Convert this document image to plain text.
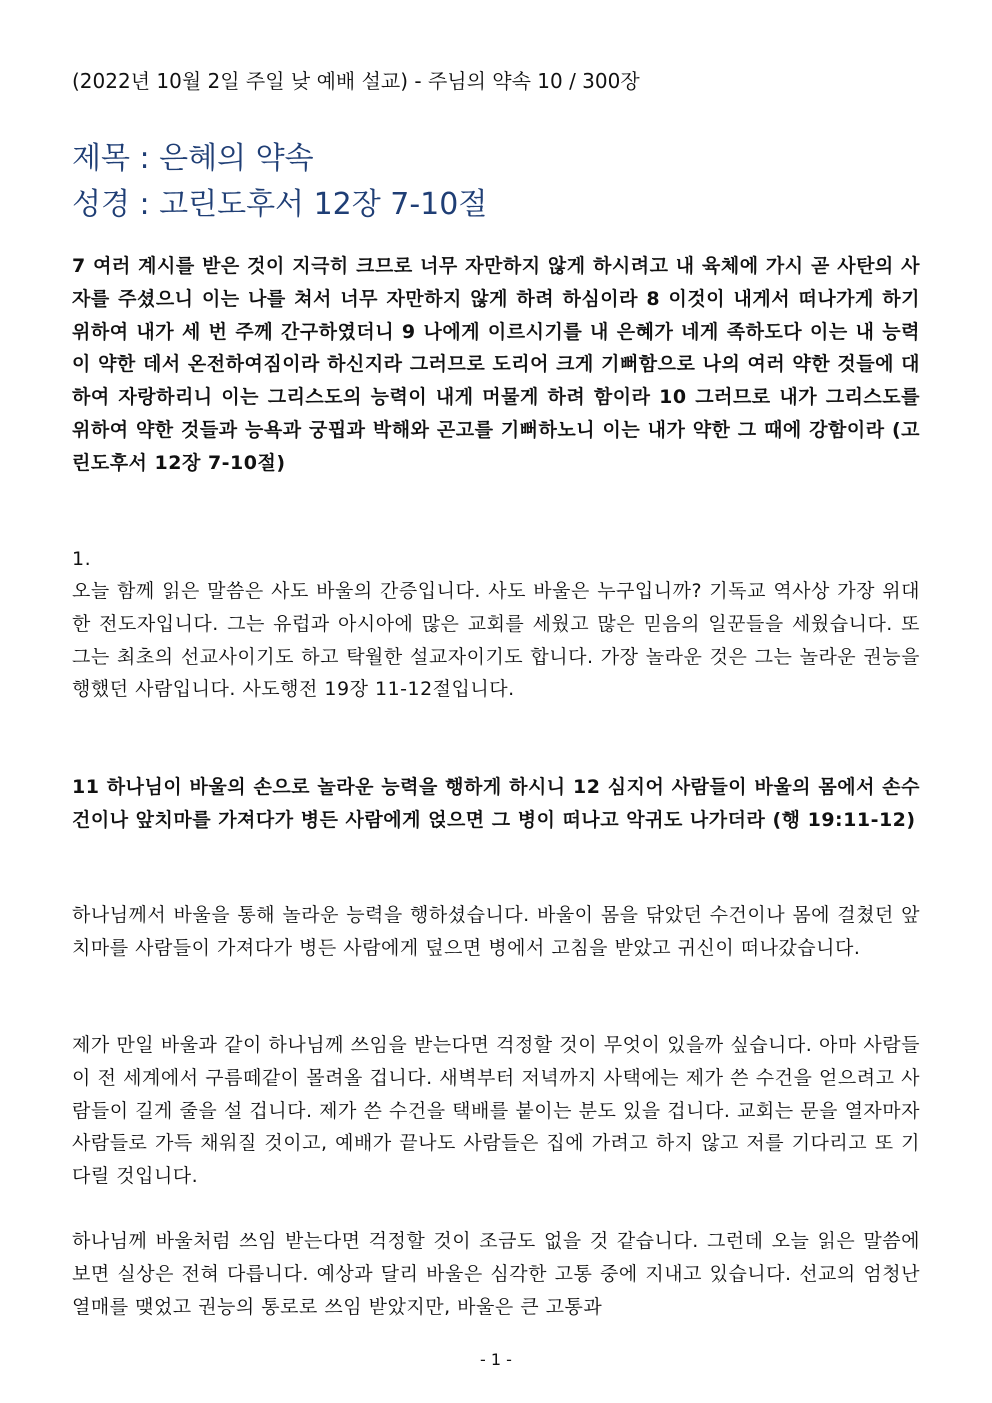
(2022년 10월 2일 주일 낮 예배 설교) - 주님의 약속 10 / 300장
제목 : 은혜의 약속
성경 : 고린도후서 12장 7-10절
7 여러 계시를 받은 것이 지극히 크므로 너무 자만하지 않게 하시려고 내 육체에 가시 곧 사탄의 사자를 주셨으니 이는 나를 쳐서 너무 자만하지 않게 하려 하심이라 8 이것이 내게서 떠나가게 하기 위하여 내가 세 번 주께 간구하였더니 9 나에게 이르시기를 내 은혜가 네게 족하도다 이는 내 능력이 약한 데서 온전하여짐이라 하신지라 그러므로 도리어 크게 기뻐함으로 나의 여러 약한 것들에 대하여 자랑하리니 이는 그리스도의 능력이 내게 머물게 하려 함이라 10 그러므로 내가 그리스도를 위하여 약한 것들과 능욕과 궁핍과 박해와 곤고를 기뻐하노니 이는 내가 약한 그 때에 강함이라 (고린도후서 12장 7-10절)
1.
오늘 함께 읽은 말씀은 사도 바울의 간증입니다. 사도 바울은 누구입니까? 기독교 역사상 가장 위대한 전도자입니다. 그는 유럽과 아시아에 많은 교회를 세웠고 많은 믿음의 일꾼들을 세웠습니다. 또 그는 최초의 선교사이기도 하고 탁월한 설교자이기도 합니다. 가장 놀라운 것은 그는 놀라운 권능을 행했던 사람입니다. 사도행전 19장 11-12절입니다.
11 하나님이 바울의 손으로 놀라운 능력을 행하게 하시니 12 심지어 사람들이 바울의 몸에서 손수건이나 앞치마를 가져다가 병든 사람에게 얹으면 그 병이 떠나고 악귀도 나가더라 (행 19:11-12)
하나님께서 바울을 통해 놀라운 능력을 행하셨습니다. 바울이 몸을 닦았던 수건이나 몸에 걸쳤던 앞치마를 사람들이 가져다가 병든 사람에게 덮으면 병에서 고침을 받았고 귀신이 떠나갔습니다.
제가 만일 바울과 같이 하나님께 쓰임을 받는다면 걱정할 것이 무엇이 있을까 싶습니다. 아마 사람들이 전 세계에서 구름떼같이 몰려올 겁니다. 새벽부터 저녁까지 사택에는 제가 쓴 수건을 얻으려고 사람들이 길게 줄을 설 겁니다. 제가 쓴 수건을 택배를 붙이는 분도 있을 겁니다. 교회는 문을 열자마자 사람들로 가득 채워질 것이고, 예배가 끝나도 사람들은 집에 가려고 하지 않고 저를 기다리고 또 기다릴 것입니다.
하나님께 바울처럼 쓰임 받는다면 걱정할 것이 조금도 없을 것 같습니다. 그런데 오늘 읽은 말씀에 보면 실상은 전혀 다릅니다. 예상과 달리 바울은 심각한 고통 중에 지내고 있습니다. 선교의 엄청난 열매를 맺었고 권능의 통로로 쓰임 받았지만, 바울은 큰 고통과
- 1 -
